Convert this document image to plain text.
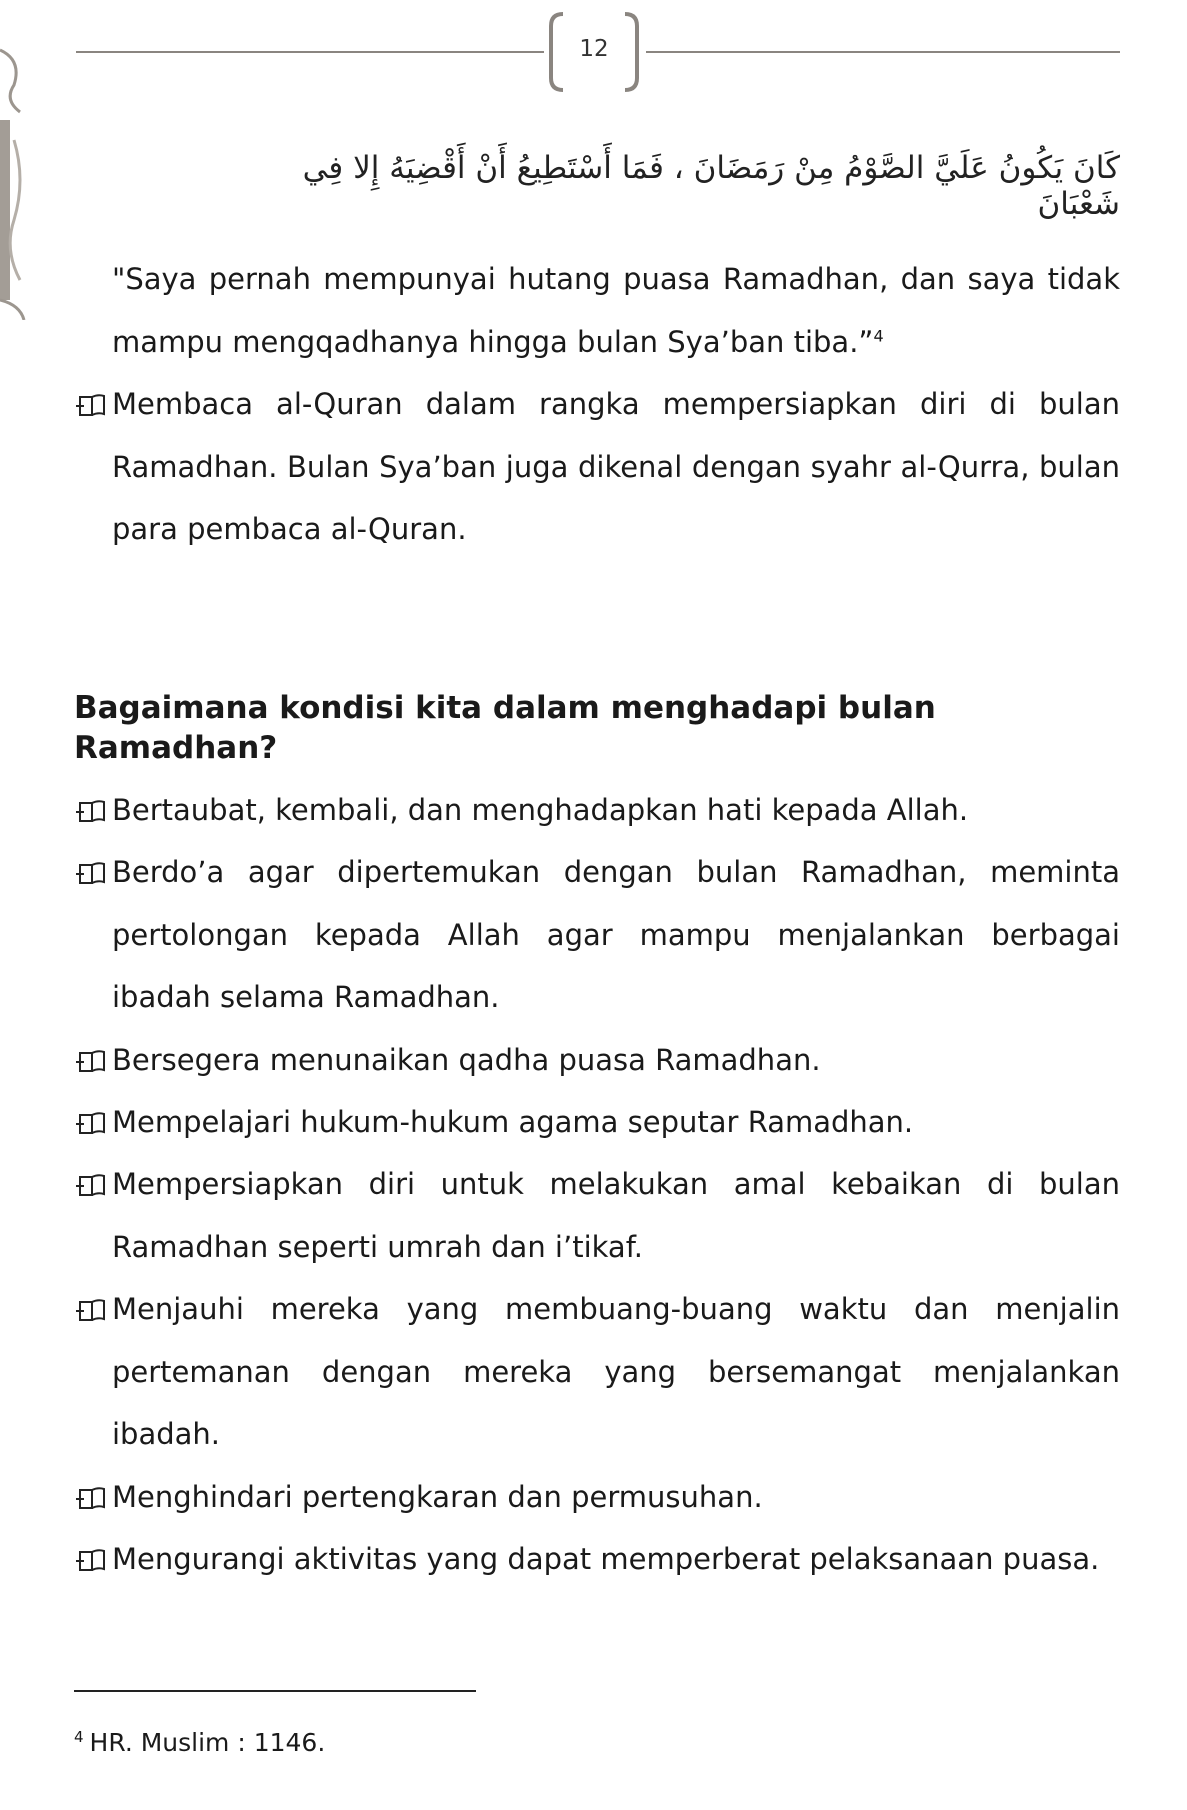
12
كَانَ يَكُونُ عَلَيَّ الصَّوْمُ مِنْ رَمَضَانَ ، فَمَا أَسْتَطِيعُ أَنْ أَقْضِيَهُ إِلا فِي شَعْبَانَ
"Saya pernah mempunyai hutang puasa Ramadhan, dan saya tidak mampu mengqadhanya hingga bulan Sya’ban tiba.”$^4$
Membaca al-Quran dalam rangka mempersiapkan diri di bulan Ramadhan. Bulan Sya’ban juga dikenal dengan syahr al-Qurra, bulan para pembaca al-Quran.
Bagaimana kondisi kita dalam menghadapi bulan Ramadhan?
Bertaubat, kembali, dan menghadapkan hati kepada Allah.
Berdo’a agar dipertemukan dengan bulan Ramadhan, meminta pertolongan kepada Allah agar mampu menjalankan berbagai ibadah selama Ramadhan.
Bersegera menunaikan qadha puasa Ramadhan.
Mempelajari hukum-hukum agama seputar Ramadhan.
Mempersiapkan diri untuk melakukan amal kebaikan di bulan Ramadhan seperti umrah dan i’tikaf.
Menjauhi mereka yang membuang-buang waktu dan menjalin pertemanan dengan mereka yang bersemangat menjalankan ibadah.
Menghindari pertengkaran dan permusuhan.
Mengurangi aktivitas yang dapat memperberat pelaksanaan puasa.
$^4$ HR. Muslim : 1146.
